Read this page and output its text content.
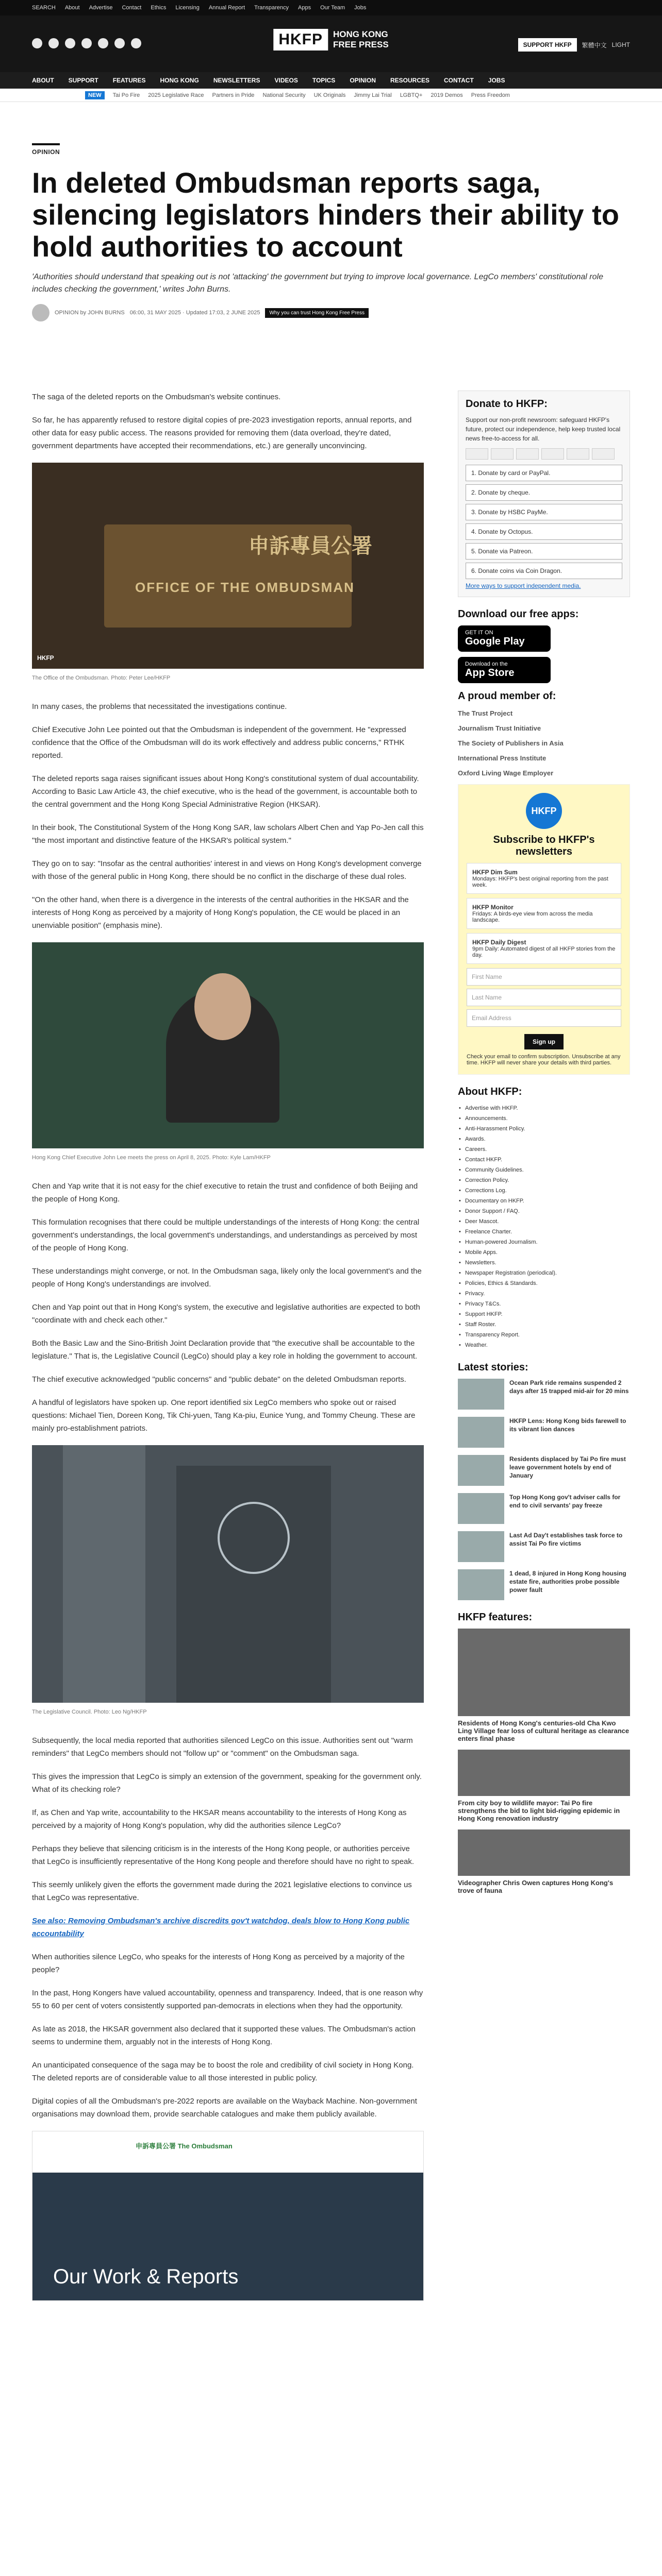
SEARCH About Advertise Contact Ethics Licensing Annual Report Transparency Apps Our Team Jobs
HKFP	HONG KONG
FREE PRESS	SUPPORT HKFP	繁體中文 LIGHT
ABOUT SUPPORT FEATURES HONG KONG NEWSLETTERS VIDEOS TOPICS OPINION RESOURCES CONTACT JOBS
NEW	Tai Po Fire 2025 Legislative Race Partners in Pride National Security UK Originals Jimmy Lai Trial LGBTQ+ 2019 Demos Press Freedom
OPINION
In deleted Ombudsman reports saga, silencing legislators hinders their ability to hold authorities to account
'Authorities should understand that speaking out is not 'attacking' the government but trying to improve local governance. LegCo members' constitutional role includes checking the government,' writes John Burns.
OPINION by JOHN BURNS 06:00, 31 MAY 2025 · Updated 17:03, 2 JUNE 2025	Why you can trust Hong Kong Free Press

The saga of the deleted reports on the Ombudsman's website continues.

So far, he has apparently refused to restore digital copies of pre-2023 investigation reports, annual reports, and other data for easy public access. The reasons provided for removing them (data overload, they're dated, government departments have accepted their recommendations, etc.) are generally unconvincing.

OFFICE OF THE OMBUDSMAN
申訴專員公署
HKFP
The Office of the Ombudsman. Photo: Peter Lee/HKFP

In many cases, the problems that necessitated the investigations continue.

Chief Executive John Lee pointed out that the Ombudsman is independent of the government. He "expressed confidence that the Office of the Ombudsman will do its work effectively and address public concerns," RTHK reported.

The deleted reports saga raises significant issues about Hong Kong's constitutional system of dual accountability. According to Basic Law Article 43, the chief executive, who is the head of the government, is accountable both to the central government and the Hong Kong Special Administrative Region (HKSAR).

In their book, The Constitutional System of the Hong Kong SAR, law scholars Albert Chen and Yap Po-Jen call this "the most important and distinctive feature of the HKSAR's political system."

They go on to say: "Insofar as the central authorities' interest in and views on Hong Kong's development converge with those of the general public in Hong Kong, there should be no conflict in the discharge of these dual roles.

"On the other hand, when there is a divergence in the interests of the central authorities in the HKSAR and the interests of Hong Kong as perceived by a majority of Hong Kong's population, the CE would be placed in an unenviable position" (emphasis mine).

Hong Kong Chief Executive John Lee meets the press on April 8, 2025. Photo: Kyle Lam/HKFP

Chen and Yap write that it is not easy for the chief executive to retain the trust and confidence of both Beijing and the people of Hong Kong.

This formulation recognises that there could be multiple understandings of the interests of Hong Kong: the central government's understandings, the local government's understandings, and understandings as perceived by most of the people of Hong Kong.

These understandings might converge, or not. In the Ombudsman saga, likely only the local government's and the people of Hong Kong's understandings are involved.

Chen and Yap point out that in Hong Kong's system, the executive and legislative authorities are expected to both "coordinate with and check each other."

Both the Basic Law and the Sino-British Joint Declaration provide that "the executive shall be accountable to the legislature." That is, the Legislative Council (LegCo) should play a key role in holding the government to account.

The chief executive acknowledged "public concerns" and "public debate" on the deleted Ombudsman reports.

A handful of legislators have spoken up. One report identified six LegCo members who spoke out or raised questions: Michael Tien, Doreen Kong, Tik Chi-yuen, Tang Ka-piu, Eunice Yung, and Tommy Cheung. These are mainly pro-establishment patriots.

The Legislative Council. Photo: Leo Ng/HKFP

Subsequently, the local media reported that authorities silenced LegCo on this issue. Authorities sent out "warm reminders" that LegCo members should not "follow up" or "comment" on the Ombudsman saga.

This gives the impression that LegCo is simply an extension of the government, speaking for the government only. What of its checking role?

If, as Chen and Yap write, accountability to the HKSAR means accountability to the interests of Hong Kong as perceived by a majority of Hong Kong's population, why did the authorities silence LegCo?

Perhaps they believe that silencing criticism is in the interests of the Hong Kong people, or authorities perceive that LegCo is insufficiently representative of the Hong Kong people and therefore should have no right to speak.

This seemly unlikely given the efforts the government made during the 2021 legislative elections to convince us that LegCo was representative.

See also: Removing Ombudsman's archive discredits gov't watchdog, deals blow to Hong Kong public accountability

When authorities silence LegCo, who speaks for the interests of Hong Kong as perceived by a majority of the people?

In the past, Hong Kongers have valued accountability, openness and transparency. Indeed, that is one reason why 55 to 60 per cent of voters consistently supported pan-democrats in elections when they had the opportunity.

As late as 2018, the HKSAR government also declared that it supported these values. The Ombudsman's action seems to undermine them, arguably not in the interests of Hong Kong.

An unanticipated consequence of the saga may be to boost the role and credibility of civil society in Hong Kong. The deleted reports are of considerable value to all those interested in public policy.

Digital copies of all the Ombudsman's pre-2022 reports are available on the Wayback Machine. Non-government organisations may download them, provide searchable catalogues and make them publicly available.

申訴專員公署 The Ombudsman
Our Work & Reports
Donate to HKFP:
Support our non-profit newsroom: safeguard HKFP's future, protect our independence, help keep trusted local news free-to-access for all.
1. Donate by card or PayPal.
2. Donate by cheque.
3. Donate by HSBC PayMe.
4. Donate by Octopus.
5. Donate via Patreon.
6. Donate coins via Coin Dragon.
More ways to support independent media.
Download our free apps:
GET IT ON
Google Play
Download on the
App Store
A proud member of:
The Trust Project
Journalism Trust Initiative
The Society of Publishers in Asia
International Press Institute
Oxford Living Wage Employer
HKFP
Subscribe to HKFP's newsletters
HKFP Dim Sum
Mondays: HKFP's best original reporting from the past week.
HKFP Monitor
Fridays: A birds-eye view from across the media landscape.
HKFP Daily Digest
9pm Daily: Automated digest of all HKFP stories from the day.
First Name
Last Name
Email Address
Sign up
Check your email to confirm subscription. Unsubscribe at any time. HKFP will never share your details with third parties.
About HKFP:
• Advertise with HKFP.
• Announcements.
• Anti-Harassment Policy.
• Awards.
• Careers.
• Contact HKFP.
• Community Guidelines.
• Correction Policy.
• Corrections Log.
• Documentary on HKFP.
• Donor Support / FAQ.
• Deer Mascot.
• Freelance Charter.
• Human-powered Journalism.
• Mobile Apps.
• Newsletters.
• Newspaper Registration (periodical).
• Policies, Ethics & Standards.
• Privacy.
• Privacy T&Cs.
• Support HKFP.
• Staff Roster.
• Transparency Report.
• Weather.
Latest stories:
Ocean Park ride remains suspended 2 days after 15 trapped mid-air for 20 mins
HKFP Lens: Hong Kong bids farewell to its vibrant lion dances
Residents displaced by Tai Po fire must leave government hotels by end of January
Top Hong Kong gov't adviser calls for end to civil servants' pay freeze
Last Ad Day't establishes task force to assist Tai Po fire victims
1 dead, 8 injured in Hong Kong housing estate fire, authorities probe possible power fault
HKFP features:
Residents of Hong Kong's centuries-old Cha Kwo Ling Village fear loss of cultural heritage as clearance enters final phase
From city boy to wildlife mayor: Tai Po fire strengthens the bid to light bid-rigging epidemic in Hong Kong renovation industry
Videographer Chris Owen captures Hong Kong's trove of fauna
